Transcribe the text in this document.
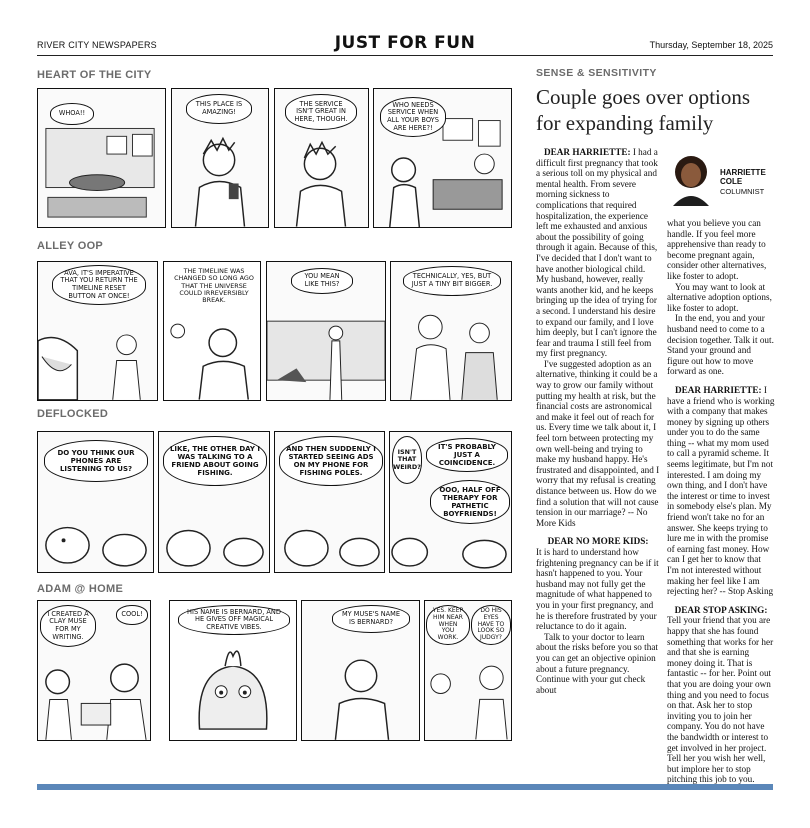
RIVER CITY NEWSPAPERS	JUST FOR FUN	Thursday, September 18, 2025
HEART OF THE CITY
WHOA!!
THIS PLACE IS AMAZING!
THE SERVICE ISN'T GREAT IN HERE, THOUGH.
WHO NEEDS SERVICE WHEN ALL YOUR BOYS ARE HERE?!
ALLEY OOP
AVA, IT'S IMPERATIVE THAT YOU RETURN THE TIMELINE RESET BUTTON AT ONCE!
THE TIMELINE WAS CHANGED SO LONG AGO THAT THE UNIVERSE COULD IRREVERSIBLY BREAK.
YOU MEAN LIKE THIS?
TECHNICALLY, YES, BUT JUST A TINY BIT BIGGER.
DEFLOCKED
DO YOU THINK OUR PHONES ARE LISTENING TO US?
LIKE, THE OTHER DAY I WAS TALKING TO A FRIEND ABOUT GOING FISHING.
AND THEN SUDDENLY I STARTED SEEING ADS ON MY PHONE FOR FISHING POLES.
ISN'T THAT WEIRD?
IT'S PROBABLY JUST A COINCIDENCE.
OOO, HALF OFF THERAPY FOR PATHETIC BOYFRIENDS!
ADAM @ HOME
I CREATED A CLAY MUSE FOR MY WRITING.
COOL!	HIS NAME IS BERNARD, AND HE GIVES OFF MAGICAL CREATIVE VIBES.
MY MUSE'S NAME IS BERNARD?
YES. KEEP HIM NEAR WHEN YOU WORK.
DO HIS EYES HAVE TO LOOK SO JUDGY?
SENSE & SENSITIVITY
Couple goes over options for expanding family
HARRIETTE
COLE
COLUMNIST

DEAR HARRIETTE: I had a difficult first pregnancy that took a serious toll on my physical and mental health. From severe morning sickness to complications that required hospitalization, the experience left me exhausted and anxious about the possibility of going through it again. Because of this, I've decided that I don't want to have another biological child. My husband, however, really wants another kid, and he keeps bringing up the idea of trying for a second. I understand his desire to expand our family, and I love him deeply, but I can't ignore the fear and trauma I still feel from my first pregnancy.

I've suggested adoption as an alternative, thinking it could be a way to grow our family without putting my health at risk, but the financial costs are astronomical and make it feel out of reach for us. Every time we talk about it, I feel torn between protecting my own well-being and trying to make my husband happy. He's frustrated and disappointed, and I worry that my refusal is creating distance between us. How do we find a solution that will not cause tension in our marriage? -- No More Kids

DEAR NO MORE KIDS:

It is hard to understand how frightening pregnancy can be if it hasn't happened to you. Your husband may not fully get the magnitude of what happened to you in your first pregnancy, and he is therefore frustrated by your reluctance to do it again.

Talk to your doctor to learn about the risks before you so that you can get an objective opinion about a future pregnancy. Continue with your gut check about

what you believe you can handle. If you feel more apprehensive than ready to become pregnant again, consider other alternatives, like foster to adopt.

You may want to look at alternative adoption options, like foster to adopt.

In the end, you and your husband need to come to a decision together. Talk it out. Stand your ground and figure out how to move forward as one.

DEAR HARRIETTE: I have a friend who is working with a company that makes money by signing up others under you to do the same thing -- what my mom used to call a pyramid scheme. It seems legitimate, but I'm not interested. I am doing my own thing, and I don't have the interest or time to invest in somebody else's plan. My friend won't take no for an answer. She keeps trying to lure me in with the promise of earning fast money. How can I get her to know that I'm not interested without making her feel like I am rejecting her? -- Stop Asking

DEAR STOP ASKING:

Tell your friend that you are happy that she has found something that works for her and that she is earning money doing it. That is fantastic -- for her. Point out that you are doing your own thing and you need to focus on that. Ask her to stop inviting you to join her company. You do not have the bandwidth or interest to get involved in her project. Tell her you wish her well, but implore her to stop pitching this job to you.
